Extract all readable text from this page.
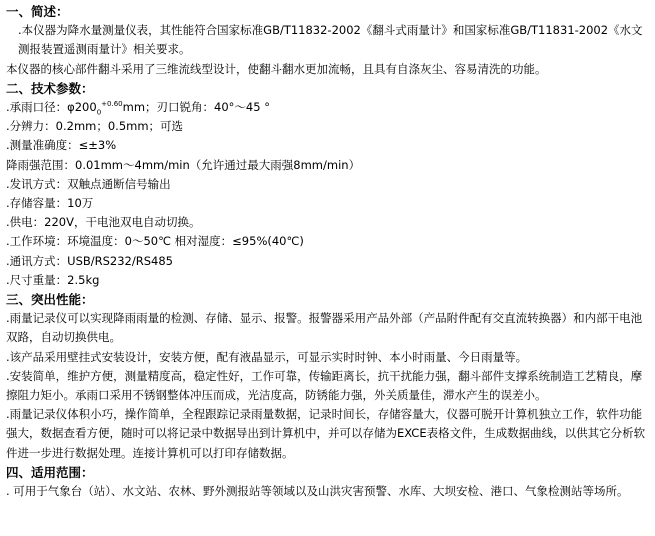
一、简述：
.本仪器为降水量测量仪表，其性能符合国家标准GB/T11832-2002《翻斗式雨量计》和国家标准GB/T11831-2002《水文测报装置遥测雨量计》相关要求。
本仪器的核心部件翻斗采用了三维流线型设计，使翻斗翻水更加流畅，且具有自涤灰尘、容易清洗的功能。
二、技术参数：
.承雨口径：$\varphi 200_0^{+0.60}mm$；刃口锐角：40°～45 °
.分辨力：0.2mm；0.5mm；可选
.测量准确度：≤±3%
降雨强范围：0.01mm～4mm/min（允许通过最大雨强8mm/min）
.发讯方式：双触点通断信号输出
.存储容量：10万
.供电：220V，干电池双电自动切换。
.工作环境：环境温度：0～50℃ 相对湿度：≤95%(40℃)
.通讯方式：USB/RS232/RS485
.尺寸重量：2.5kg
三、突出性能：
.雨量记录仪可以实现降雨雨量的检测、存储、显示、报警。报警器采用产品外部（产品附件配有交直流转换器）和内部干电池双路，自动切换供电。
.该产品采用壁挂式安装设计，安装方便，配有液晶显示，可显示实时时钟、本小时雨量、今日雨量等。
.安装简单，维护方便，测量精度高，稳定性好，工作可靠，传输距离长，抗干扰能力强，翻斗部件支撑系统制造工艺精良，摩擦阻力矩小。承雨口采用不锈钢整体冲压而成，光洁度高，防锈能力强，外关质量佳，滞水产生的误差小。
.雨量记录仪体积小巧，操作简单，全程跟踪记录雨量数据，记录时间长，存储容量大，仪器可脱开计算机独立工作，软件功能强大，数据查看方便，随时可以将记录中数据导出到计算机中，并可以存储为EXCE表格文件，生成数据曲线，以供其它分析软件进一步进行数据处理。连接计算机可以打印存储数据。
四、适用范围：
. 可用于气象台（站）、水文站、农林、野外测报站等领域以及山洪灾害预警、水库、大坝安检、港口、气象检测站等场所。
